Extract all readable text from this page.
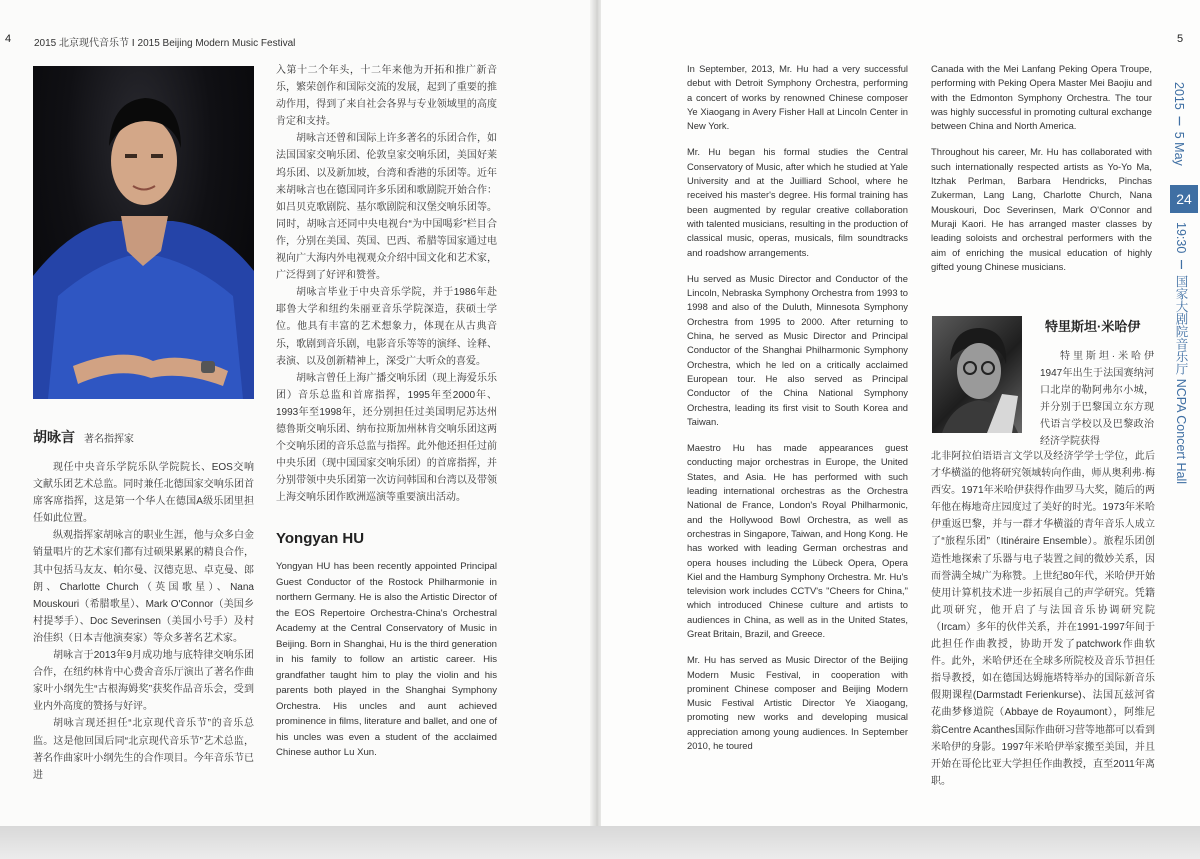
4 2015 北京现代音乐节 Ⅰ 2015 Beijing Modern Music Festival
胡咏言 著名指挥家

现任中央音乐学院乐队学院院长、EOS交响文献乐团艺术总监。同时兼任北德国家交响乐团首席客席指挥，这是第一个华人在德国A级乐团里担任如此位置。

纵观指挥家胡咏言的职业生涯，他与众多白金销量唱片的艺术家们都有过硕果累累的精良合作，其中包括马友友、帕尔曼、汉德克思、卓克曼、郎朗、Charlotte Church（英国歌星）、Nana Mouskouri（希腊歌星）、Mark O'Connor（美国乡村提琴手）、Doc Severinsen（美国小号手）及村治佳织（日本吉他演奏家）等众多著名艺术家。

胡咏言于2013年9月成功地与底特律交响乐团合作，在纽约林肯中心费舍音乐厅演出了著名作曲家叶小纲先生“古根海姆奖”获奖作品音乐会，受到业内外高度的赞扬与好评。

胡咏言现还担任“北京现代音乐节”的音乐总监。这是他回国后同“北京现代音乐节”艺术总监，著名作曲家叶小纲先生的合作项目。今年音乐节已进

入第十二个年头，十二年来他为开拓和推广新音乐，繁荣创作和国际交流的发展，起到了重要的推动作用，得到了来自社会各界与专业领域里的高度肯定和支持。

胡咏言还曾和国际上许多著名的乐团合作，如法国国家交响乐团、伦敦皇家交响乐团，美国好莱坞乐团、以及新加坡，台湾和香港的乐团等。近年来胡咏言也在德国同许多乐团和歌剧院开始合作：如吕贝克歌剧院、基尔歌剧院和汉堡交响乐团等。同时，胡咏言还同中央电视台“为中国喝彩”栏目合作，分别在美国、英国、巴西、希腊等国家通过电视向广大海内外电视观众介绍中国文化和艺术家，广泛得到了好评和赞誉。

胡咏言毕业于中央音乐学院，并于1986年赴耶鲁大学和纽约朱丽亚音乐学院深造，获硕士学位。他具有丰富的艺术想象力，体现在从古典音乐，歌剧到音乐剧，电影音乐等等的演绎、诠释、表演、以及创新精神上，深受广大听众的喜爱。

胡咏言曾任上海广播交响乐团（现上海爱乐乐团）音乐总监和首席指挥，1995年至2000年、1993年至1998年，还分别担任过美国明尼苏达州德鲁斯交响乐团、纳布拉斯加州林肯交响乐团这两个交响乐团的音乐总监与指挥。此外他还担任过前中央乐团（现中国国家交响乐团）的首席指挥，并分别带领中央乐团第一次访问韩国和台湾以及带领上海交响乐团作欧洲巡演等重要演出活动。

Yongyan HU

Yongyan HU has been recently appointed Principal Guest Conductor of the Rostock Philharmonie in northern Germany. He is also the Artistic Director of the EOS Repertoire Orchestra-China's Orchestral Academy at the Central Conservatory of Music in Beijing. Born in Shanghai, Hu is the third generation in his family to follow an artistic career. His grandfather taught him to play the violin and his parents both played in the Shanghai Symphony Orchestra. His uncles and aunt achieved prominence in films, literature and ballet, and one of his uncles was even a student of the acclaimed Chinese author Lu Xun.

In September, 2013, Mr. Hu had a very successful debut with Detroit Symphony Orchestra, performing a concert of works by renowned Chinese composer Ye Xiaogang in Avery Fisher Hall at Lincoln Center in New York.

Mr. Hu began his formal studies the Central Conservatory of Music, after which he studied at Yale University and at the Juilliard School, where he received his master's degree. His formal training has been augmented by regular creative collaboration with talented musicians, resulting in the production of classical music, operas, musicals, film soundtracks and roadshow arrangements.

Hu served as Music Director and Conductor of the Lincoln, Nebraska Symphony Orchestra from 1993 to 1998 and also of the Duluth, Minnesota Symphony Orchestra from 1995 to 2000. After returning to China, he served as Music Director and Principal Conductor of the Shanghai Philharmonic Symphony Orchestra, which he led on a critically acclaimed European tour. He also served as Principal Conductor of the China National Symphony Orchestra, leading its first visit to South Korea and Taiwan.

Maestro Hu has made appearances guest conducting major orchestras in Europe, the United States, and Asia. He has performed with such leading international orchestras as the Orchestra National de France, London's Royal Philharmonic, and the Hollywood Bowl Orchestra, as well as orchestras in Singapore, Taiwan, and Hong Kong. He has worked with leading German orchestras and opera houses including the Lübeck Opera, Opera Kiel and the Hamburg Symphony Orchestra. Mr. Hu's television work includes CCTV's "Cheers for China," which introduced Chinese culture and artists to audiences in China, as well as in the United States, Great Britain, Brazil, and Greece.

Mr. Hu has served as Music Director of the Beijing Modern Music Festival, in cooperation with prominent Chinese composer and Beijing Modern Music Festival Artistic Director Ye Xiaogang, promoting new works and developing musical appreciation among young audiences. In September 2010, he toured

Canada with the Mei Lanfang Peking Opera Troupe, performing with Peking Opera Master Mei Baojiu and with the Edmonton Symphony Orchestra. The tour was highly successful in promoting cultural exchange between China and North America.

Throughout his career, Mr. Hu has collaborated with such internationally respected artists as Yo-Yo Ma, Itzhak Perlman, Barbara Hendricks, Pinchas Zukerman, Lang Lang, Charlotte Church, Nana Mouskouri, Doc Severinsen, Mark O'Connor and Muraji Kaori. He has arranged master classes by leading soloists and orchestral performers with the aim of enriching the musical education of highly gifted young Chinese musicians.

5
特里斯坦·米哈伊

特里斯坦·米哈伊1947年出生于法国赛纳河口北岸的勒阿弗尔小城，并分别于巴黎国立东方现代语言学校以及巴黎政治经济学院获得

北非阿拉伯语语言文学以及经济学学士学位，此后才华横溢的他将研究领域转向作曲，师从奥利弗·梅西安。1971年米哈伊获得作曲罗马大奖，随后的两年他在梅地奇庄园度过了美好的时光。1973年米哈伊重返巴黎，并与一群才华横溢的青年音乐人成立了“旅程乐团”（Itinéraire Ensemble）。旅程乐团创造性地探索了乐器与电子装置之间的微妙关系，因而誉满全城广为称赞。上世纪80年代，米哈伊开始使用计算机技术进一步拓展自己的声学研究。凭籍此项研究，他开启了与法国音乐协调研究院（Ircam）多年的伙伴关系，并在1991-1997年间于此担任作曲教授，协助开发了patchwork作曲软件。此外，米哈伊还在全球多所院校及音乐节担任指导教授，如在德国达姆施塔特举办的国际新音乐假期课程(Darmstadt Ferienkurse)、法国瓦兹河省花曲梦修道院（Abbaye de Royaumont），阿维尼翁Centre Acanthes国际作曲研习营等地都可以看到米哈伊的身影。1997年米哈伊举家搬至美国，并且开始在哥伦比亚大学担任作曲教授，直至2011年离职。

2015 Ⅰ 5 May
24
19:30 Ⅰ 国家大剧院音乐厅 NCPA Concert Hall
